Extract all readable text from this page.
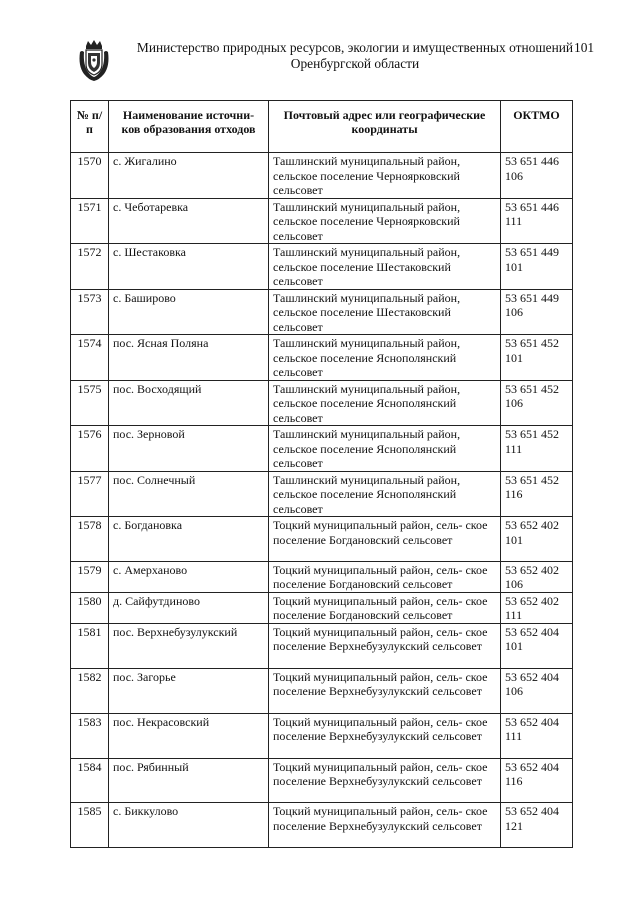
Министерство природных ресурсов, экологии и имущественных отношений
Оренбургской области
101
№ п/п	Наименование источни- ков образования отходов	Почтовый адрес или географические координаты	ОКТМО
1570	с. Жигалино	Ташлинский муниципальный район, сельское поселение Черноярковский сельсовет	53 651 446 106
1571	с. Чеботаревка	Ташлинский муниципальный район, сельское поселение Черноярковский сельсовет	53 651 446 111
1572	с. Шестаковка	Ташлинский муниципальный район, сельское поселение Шестаковский сельсовет	53 651 449 101
1573	с. Баширово	Ташлинский муниципальный район, сельское поселение Шестаковский сельсовет	53 651 449 106
1574	пос. Ясная Поляна	Ташлинский муниципальный район, сельское поселение Яснополянский сельсовет	53 651 452 101
1575	пос. Восходящий	Ташлинский муниципальный район, сельское поселение Яснополянский сельсовет	53 651 452 106
1576	пос. Зерновой	Ташлинский муниципальный район, сельское поселение Яснополянский сельсовет	53 651 452 111
1577	пос. Солнечный	Ташлинский муниципальный район, сельское поселение Яснополянский сельсовет	53 651 452 116
1578	с. Богдановка	Тоцкий муниципальный район, сель- ское поселение Богдановский сельсовет	53 652 402 101
1579	с. Амерханово	Тоцкий муниципальный район, сель- ское поселение Богдановский сельсовет	53 652 402 106
1580	д. Сайфутдиново	Тоцкий муниципальный район, сель- ское поселение Богдановский сельсовет	53 652 402 111
1581	пос. Верхнебузулукский	Тоцкий муниципальный район, сель- ское поселение Верхнебузулукский сельсовет	53 652 404 101
1582	пос. Загорье	Тоцкий муниципальный район, сель- ское поселение Верхнебузулукский сельсовет	53 652 404 106
1583	пос. Некрасовский	Тоцкий муниципальный район, сель- ское поселение Верхнебузулукский сельсовет	53 652 404 111
1584	пос. Рябинный	Тоцкий муниципальный район, сель- ское поселение Верхнебузулукский сельсовет	53 652 404 116
1585	с. Биккулово	Тоцкий муниципальный район, сель- ское поселение Верхнебузулукский сельсовет	53 652 404 121
